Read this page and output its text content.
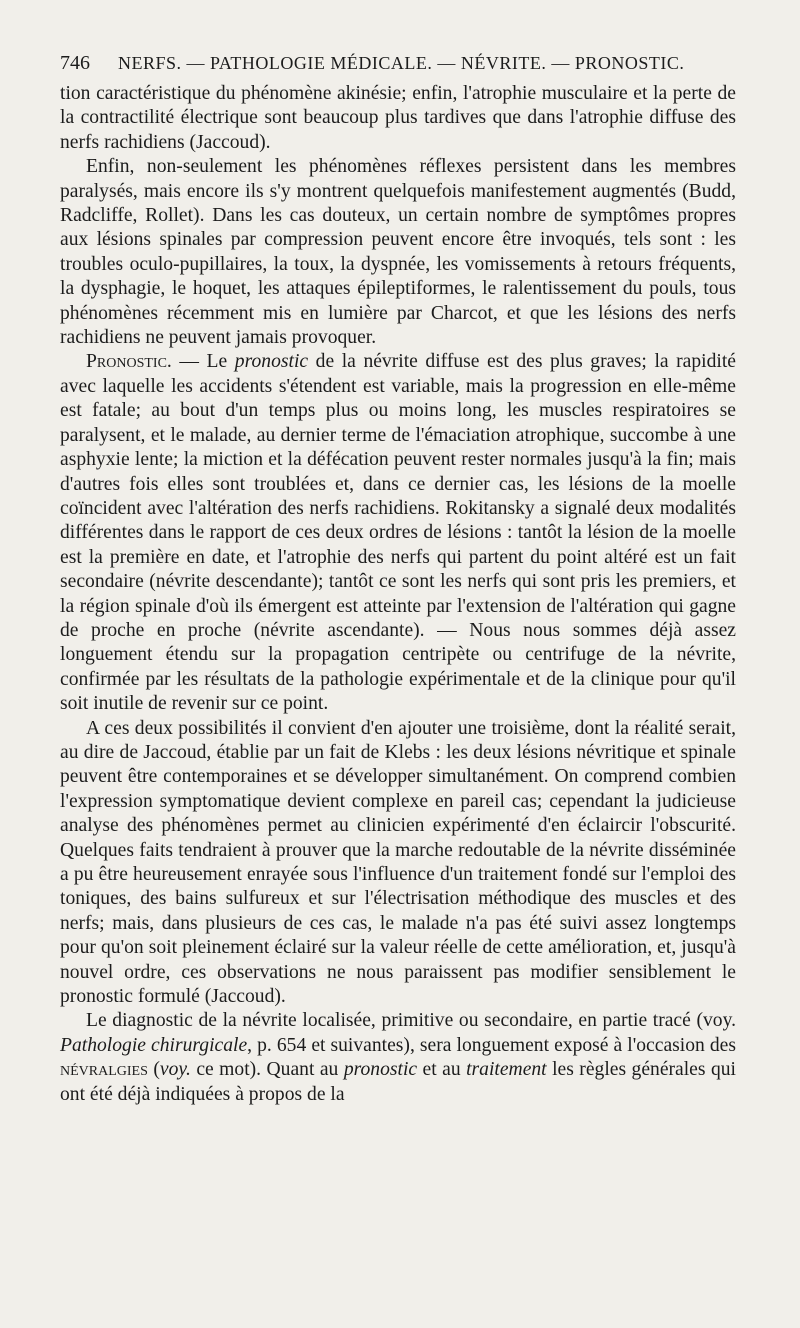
746 NERFS. — PATHOLOGIE MÉDICALE. — NÉVRITE. — PRONOSTIC.

tion caractéristique du phénomène akinésie; enfin, l'atrophie musculaire et la perte de la contractilité électrique sont beaucoup plus tardives que dans l'atrophie diffuse des nerfs rachidiens (Jaccoud).

Enfin, non-seulement les phénomènes réflexes persistent dans les membres paralysés, mais encore ils s'y montrent quelquefois manifestement augmentés (Budd, Radcliffe, Rollet). Dans les cas douteux, un certain nombre de symptômes propres aux lésions spinales par compression peuvent encore être invoqués, tels sont : les troubles oculo-pupillaires, la toux, la dyspnée, les vomissements à retours fréquents, la dysphagie, le hoquet, les attaques épileptiformes, le ralentissement du pouls, tous phénomènes récemment mis en lumière par Charcot, et que les lésions des nerfs rachidiens ne peuvent jamais provoquer.

Pronostic. — Le pronostic de la névrite diffuse est des plus graves; la rapidité avec laquelle les accidents s'étendent est variable, mais la progression en elle-même est fatale; au bout d'un temps plus ou moins long, les muscles respiratoires se paralysent, et le malade, au dernier terme de l'émaciation atrophique, succombe à une asphyxie lente; la miction et la défécation peuvent rester normales jusqu'à la fin; mais d'autres fois elles sont troublées et, dans ce dernier cas, les lésions de la moelle coïncident avec l'altération des nerfs rachidiens. Rokitansky a signalé deux modalités différentes dans le rapport de ces deux ordres de lésions : tantôt la lésion de la moelle est la première en date, et l'atrophie des nerfs qui partent du point altéré est un fait secondaire (névrite descendante); tantôt ce sont les nerfs qui sont pris les premiers, et la région spinale d'où ils émergent est atteinte par l'extension de l'altération qui gagne de proche en proche (névrite ascendante). — Nous nous sommes déjà assez longuement étendu sur la propagation centripète ou centrifuge de la névrite, confirmée par les résultats de la pathologie expérimentale et de la clinique pour qu'il soit inutile de revenir sur ce point.

A ces deux possibilités il convient d'en ajouter une troisième, dont la réalité serait, au dire de Jaccoud, établie par un fait de Klebs : les deux lésions névritique et spinale peuvent être contemporaines et se développer simultanément. On comprend combien l'expression symptomatique devient complexe en pareil cas; cependant la judicieuse analyse des phénomènes permet au clinicien expérimenté d'en éclaircir l'obscurité. Quelques faits tendraient à prouver que la marche redoutable de la névrite disséminée a pu être heureusement enrayée sous l'influence d'un traitement fondé sur l'emploi des toniques, des bains sulfureux et sur l'électrisation méthodique des muscles et des nerfs; mais, dans plusieurs de ces cas, le malade n'a pas été suivi assez longtemps pour qu'on soit pleinement éclairé sur la valeur réelle de cette amélioration, et, jusqu'à nouvel ordre, ces observations ne nous paraissent pas modifier sensiblement le pronostic formulé (Jaccoud).

Le diagnostic de la névrite localisée, primitive ou secondaire, en partie tracé (voy. Pathologie chirurgicale, p. 654 et suivantes), sera longuement exposé à l'occasion des névralgies (voy. ce mot). Quant au pronostic et au traitement les règles générales qui ont été déjà indiquées à propos de la
